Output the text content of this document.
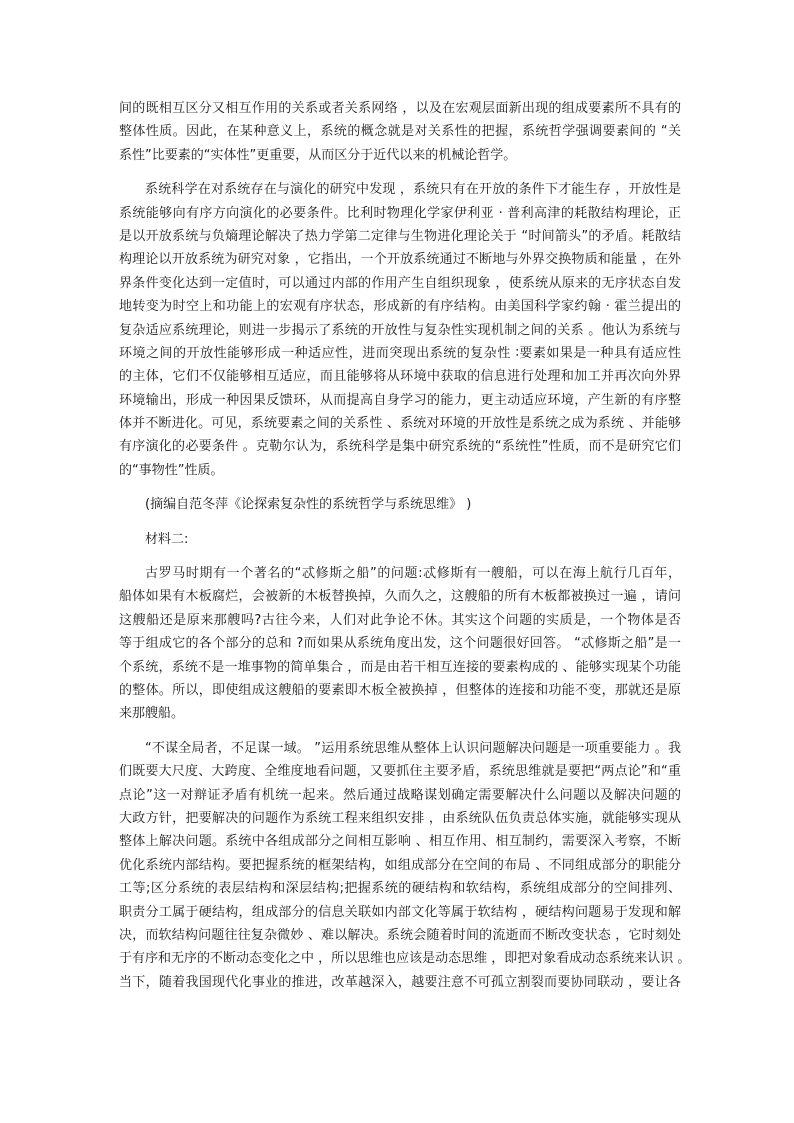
间的既相互区分又相互作用的关系或者关系网络 ，以及在宏观层面新出现的组成要素所不具有的
整体性质。因此，在某种意义上，系统的概念就是对关系性的把握，系统哲学强调要素间的 “关
系性”比要素的“实体性”更重要，从而区分于近代以来的机械论哲学。
系统科学在对系统存在与演化的研究中发现 ，系统只有在开放的条件下才能生存 ，开放性是
系统能够向有序方向演化的必要条件。比利时物理化学家伊利亚 · 普利高津的耗散结构理论，正
是以开放系统与负熵理论解决了热力学第二定律与生物进化理论关于 “时间箭头”的矛盾。耗散结
构理论以开放系统为研究对象 ，它指出，一个开放系统通过不断地与外界交换物质和能量 ，在外
界条件变化达到一定值时，可以通过内部的作用产生自组织现象 ，使系统从原来的无序状态自发
地转变为时空上和功能上的宏观有序状态，形成新的有序结构。由美国科学家约翰 · 霍兰提出的
复杂适应系统理论，则进一步揭示了系统的开放性与复杂性实现机制之间的关系 。他认为系统与
环境之间的开放性能够形成一种适应性，进而突现出系统的复杂性 ∶要素如果是一种具有适应性
的主体，它们不仅能够相互适应，而且能够将从环境中获取的信息进行处理和加工并再次向外界
环境输出，形成一种因果反馈环，从而提高自身学习的能力，更主动适应环境，产生新的有序整
体并不断进化。可见，系统要素之间的关系性 、系统对环境的开放性是系统之成为系统 、并能够
有序演化的必要条件 。克勒尔认为，系统科学是集中研究系统的“系统性”性质，而不是研究它们
的“事物性”性质。
(摘编自范冬萍《论探索复杂性的系统哲学与系统思维》 )
材料二:
古罗马时期有一个著名的“忒修斯之船”的问题:忒修斯有一艘船，可以在海上航行几百年，
船体如果有木板腐烂，会被新的木板替换掉，久而久之，这艘船的所有木板都被换过一遍 ，请问
这艘船还是原来那艘吗?古往今来，人们对此争论不休。其实这个问题的实质是，一个物体是否
等于组成它的各个部分的总和 ?而如果从系统角度出发，这个问题很好回答。 “忒修斯之船”是一
个系统，系统不是一堆事物的简单集合 ，而是由若干相互连接的要素构成的 、能够实现某个功能
的整体。所以，即使组成这艘船的要素即木板全被换掉 ，但整体的连接和功能不变，那就还是原
来那艘船。
“不谋全局者，不足谋一域。 ”运用系统思维从整体上认识问题解决问题是一项重要能力 。我
们既要大尺度、大跨度、全维度地看问题，又要抓住主要矛盾，系统思维就是要把“两点论”和“重
点论”这一对辩证矛盾有机统一起来。然后通过战略谋划确定需要解决什么问题以及解决问题的
大政方针，把要解决的问题作为系统工程来组织安排 ，由系统队伍负责总体实施，就能够实现从
整体上解决问题。系统中各组成部分之间相互影响 、相互作用、相互制约，需要深入考察，不断
优化系统内部结构。要把握系统的框架结构，如组成部分在空间的布局 、不同组成部分的职能分
工等;区分系统的表层结构和深层结构;把握系统的硬结构和软结构，系统组成部分的空间排列、
职责分工属于硬结构，组成部分的信息关联如内部文化等属于软结构 ，硬结构问题易于发现和解
决，而软结构问题往往复杂微妙 、难以解决。系统会随着时间的流逝而不断改变状态 ，它时刻处
于有序和无序的不断动态变化之中 ，所以思维也应该是动态思维 ，即把对象看成动态系统来认识 。
当下，随着我国现代化事业的推进，改革越深入，越要注意不可孤立割裂而要协同联动 ，要让各
